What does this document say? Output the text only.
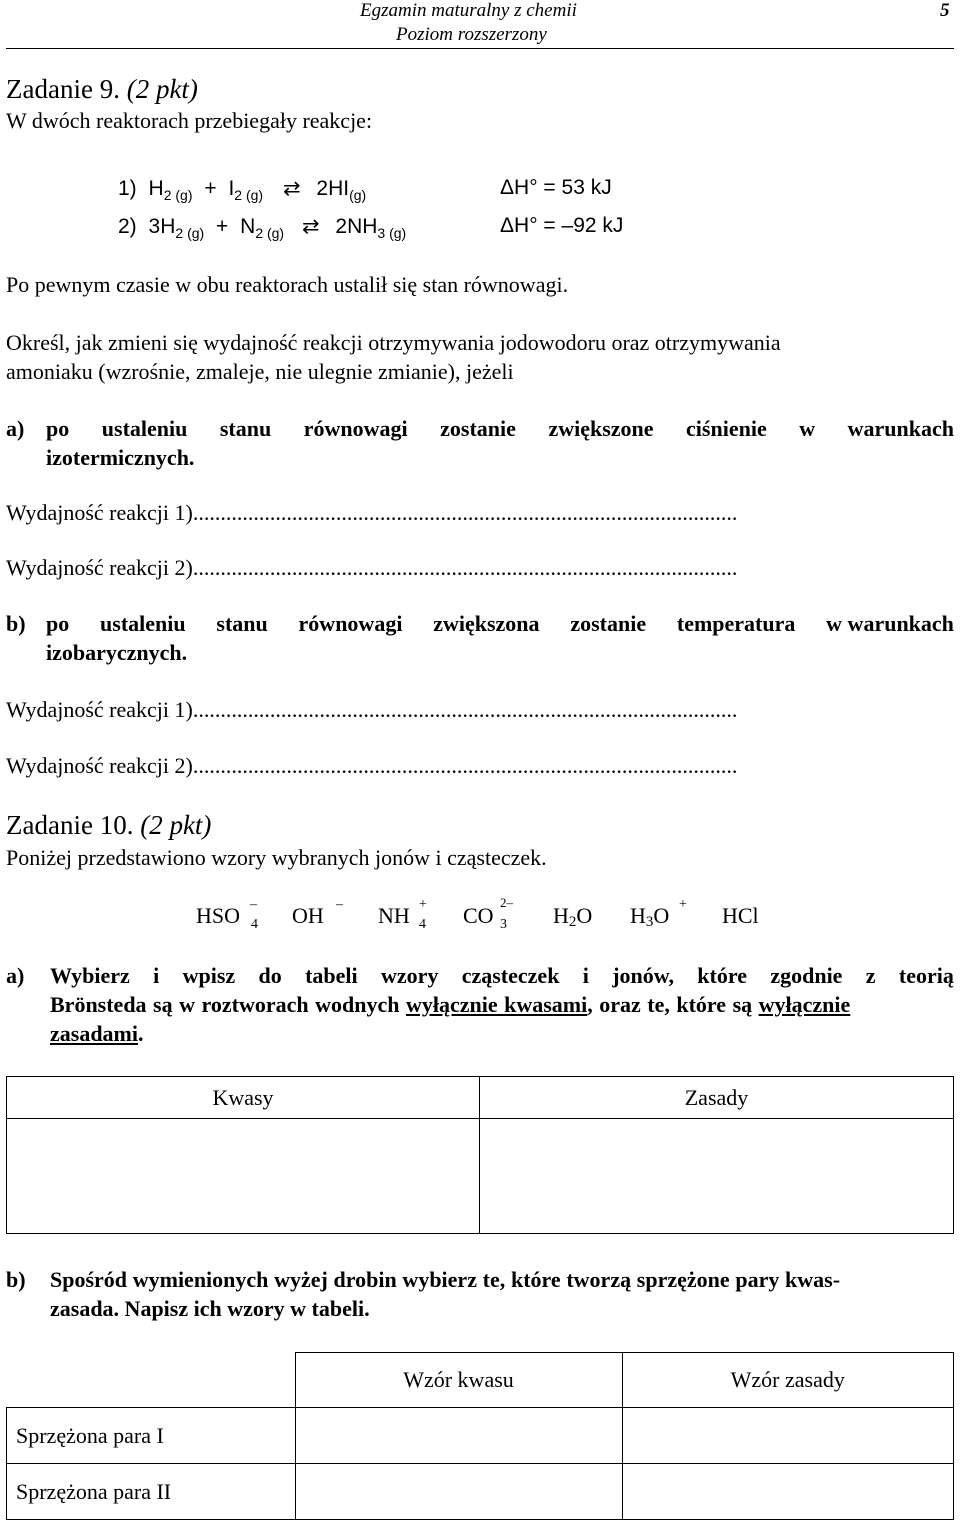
Egzamin maturalny z chemii
Poziom rozszerzony
5
Zadanie 9. (2 pkt)
W dwóch reaktorach przebiegały reakcje:
1) $H_{2 (g)} + I_{2 (g)}$ ⇄ $2HI_{(g)}$	ΔH° = 53 kJ
2) $3H_{2 (g)} + N_{2 (g)}$ ⇄ $2NH_{3 (g)}$	ΔH° = –92 kJ
Po pewnym czasie w obu reaktorach ustalił się stan równowagi.
Określ, jak zmieni się wydajność reakcji otrzymywania jodowodoru oraz otrzymywania
amoniaku (wzrośnie, zmaleje, nie ulegnie zmianie), jeżeli
a) po ustaleniu stanu równowagi zostanie zwiększone ciśnienie w warunkach
izotermicznych.
Wydajność reakcji 1)...................................................................................................
Wydajność reakcji 2)...................................................................................................
b) po ustaleniu stanu równowagi zwiększona zostanie temperatura w warunkach
izobarycznych.
Wydajność reakcji 1)...................................................................................................
Wydajność reakcji 2)...................................................................................................
Zadanie 10. (2 pkt)
Poniżej przedstawiono wzory wybranych jonów i cząsteczek.
HSO 4
– OH – NH 4
+ CO 3
2–
H2O H3O + HCl
a) Wybierz i wpisz do tabeli wzory cząsteczek i jonów, które zgodnie z teorią
Brönsteda są w roztworach wodnych wyłącznie kwasami, oraz te, które są wyłącznie
zasadami.
Kwasy	Zasady

b) Spośród wymienionych wyżej drobin wybierz te, które tworzą sprzężone pary kwas-
zasada. Napisz ich wzory w tabeli.
	Wzór kwasu	Wzór zasady
Sprzężona para I		
Sprzężona para II		
